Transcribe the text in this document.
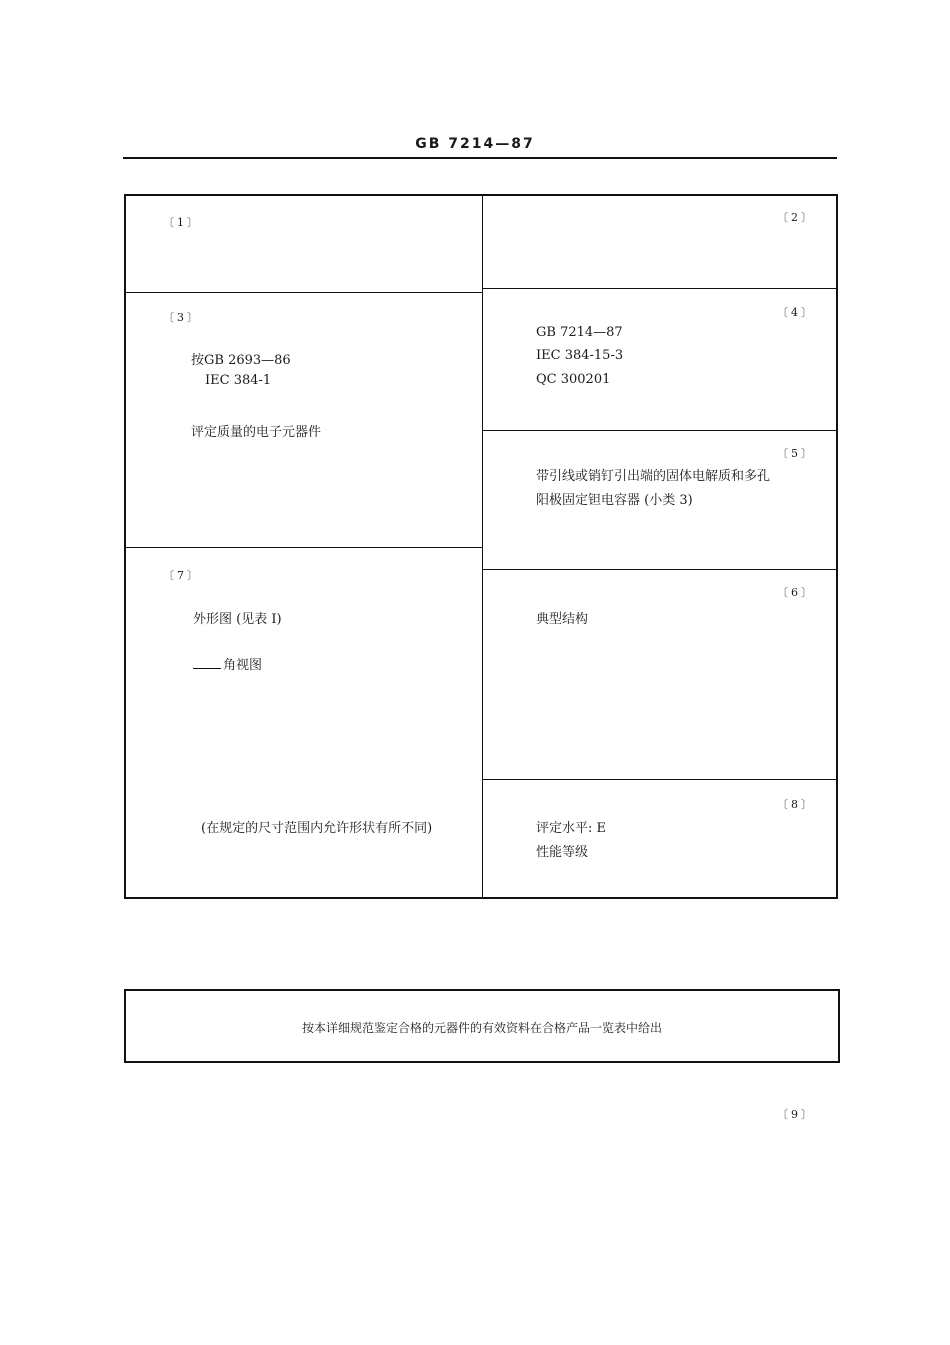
GB 7214—87
〔1〕	〔2〕
〔3〕
按GB 2693—86
IEC 384-1
评定质量的电子元器件
〔4〕
GB 7214—87
IEC 384-15-3
QC 300201
〔5〕
带引线或销钉引出端的固体电解质和多孔
阳极固定钽电容器 (小类 3)
〔6〕
典型结构
〔7〕
外形图 (见表 I)
角视图
(在规定的尺寸范围内允许形状有所不同)
〔8〕
评定水平: E
性能等级
按本详细规范鉴定合格的元器件的有效资料在合格产品一览表中给出
〔9〕
